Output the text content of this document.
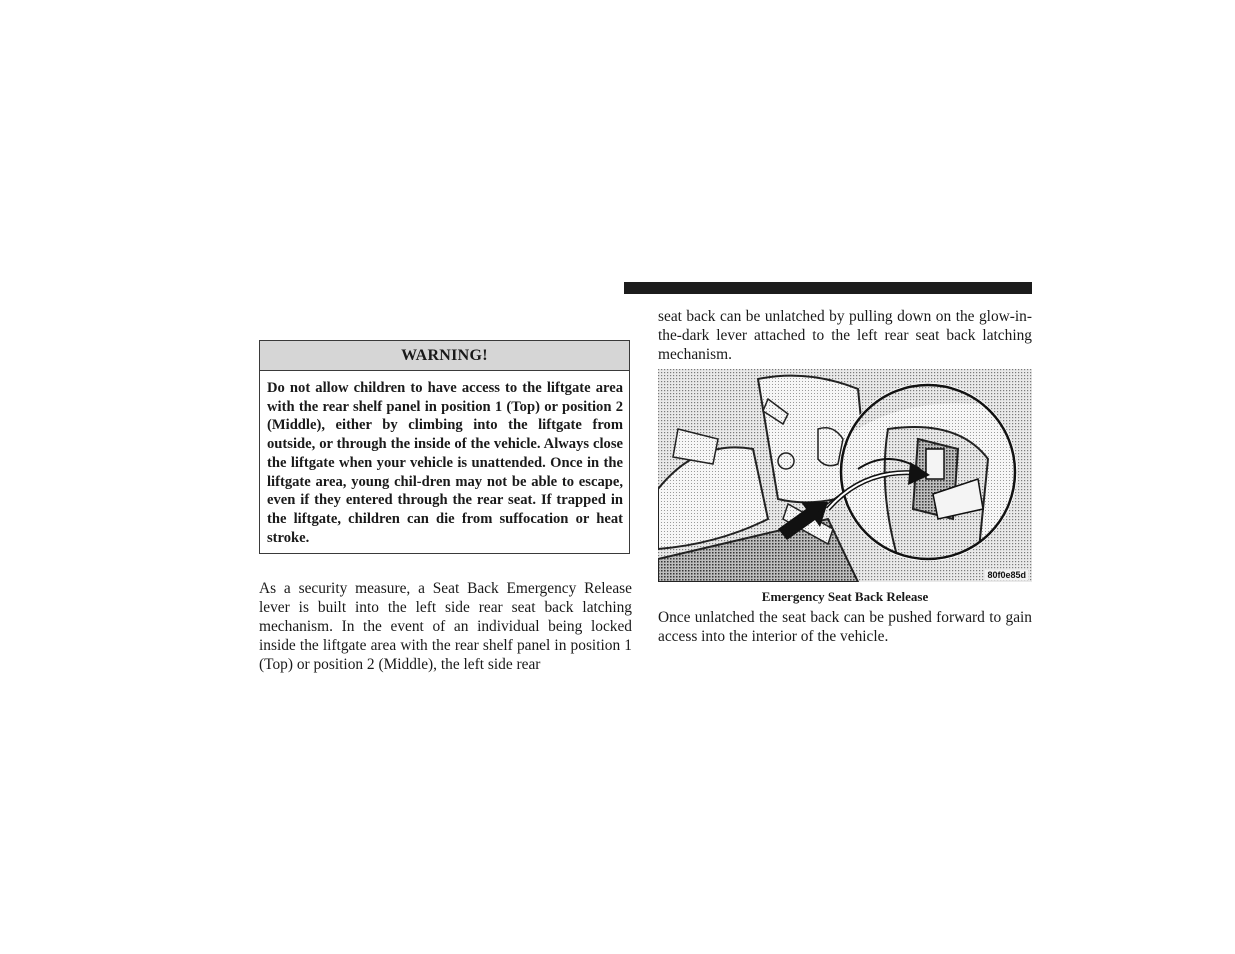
WARNING!
Do not allow children to have access to the liftgate area with the rear shelf panel in position 1 (Top) or position 2 (Middle), either by climbing into the liftgate from outside, or through the inside of the vehicle. Always close the liftgate when your vehicle is unattended. Once in the liftgate area, young chil-dren may not be able to escape, even if they entered through the rear seat. If trapped in the liftgate, children can die from suffocation or heat stroke.
As a security measure, a Seat Back Emergency Release lever is built into the left side rear seat back latching mechanism. In the event of an individual being locked inside the liftgate area with the rear shelf panel in position 1 (Top) or position 2 (Middle), the left side rear
seat back can be unlatched by pulling down on the glow-in-the-dark lever attached to the left rear seat back latching mechanism.
80f0e85d
Emergency Seat Back Release
Once unlatched the seat back can be pushed forward to gain access into the interior of the vehicle.
